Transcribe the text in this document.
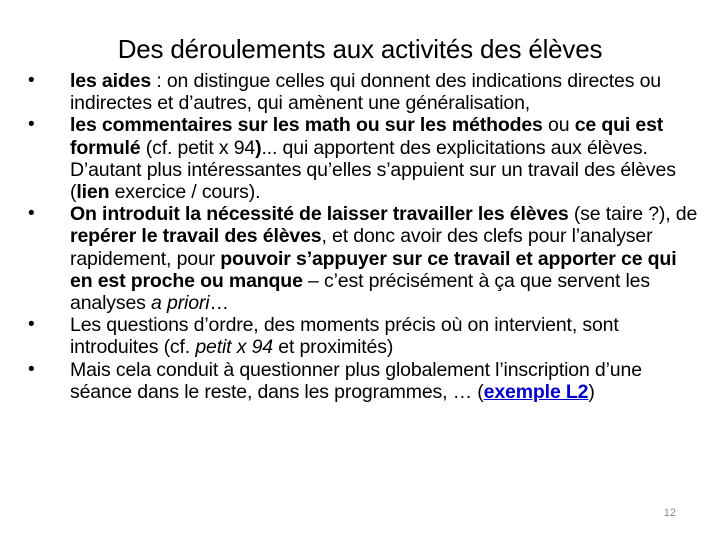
Des déroulements aux activités des élèves
•	les aides : on distingue celles qui donnent des indications directes ou indirectes et d’autres, qui amènent une généralisation,
•	les commentaires sur les math ou sur les méthodes ou ce qui est formulé (cf. petit x 94)... qui apportent des explicitations aux élèves. D’autant plus intéressantes qu’elles s’appuient sur un travail des élèves (lien exercice / cours).
•	On introduit la nécessité de laisser travailler les élèves (se taire ?), de repérer le travail des élèves, et donc avoir des clefs pour l’analyser rapidement, pour pouvoir s’appuyer sur ce travail et apporter ce qui en est proche ou manque – c’est précisément à ça que servent les analyses a priori…
•	Les questions d’ordre, des moments précis où on intervient, sont introduites (cf. petit x 94 et proximités)
•	Mais cela conduit à questionner plus globalement l’inscription d’une séance dans le reste, dans les programmes, … (exemple L2)
12
